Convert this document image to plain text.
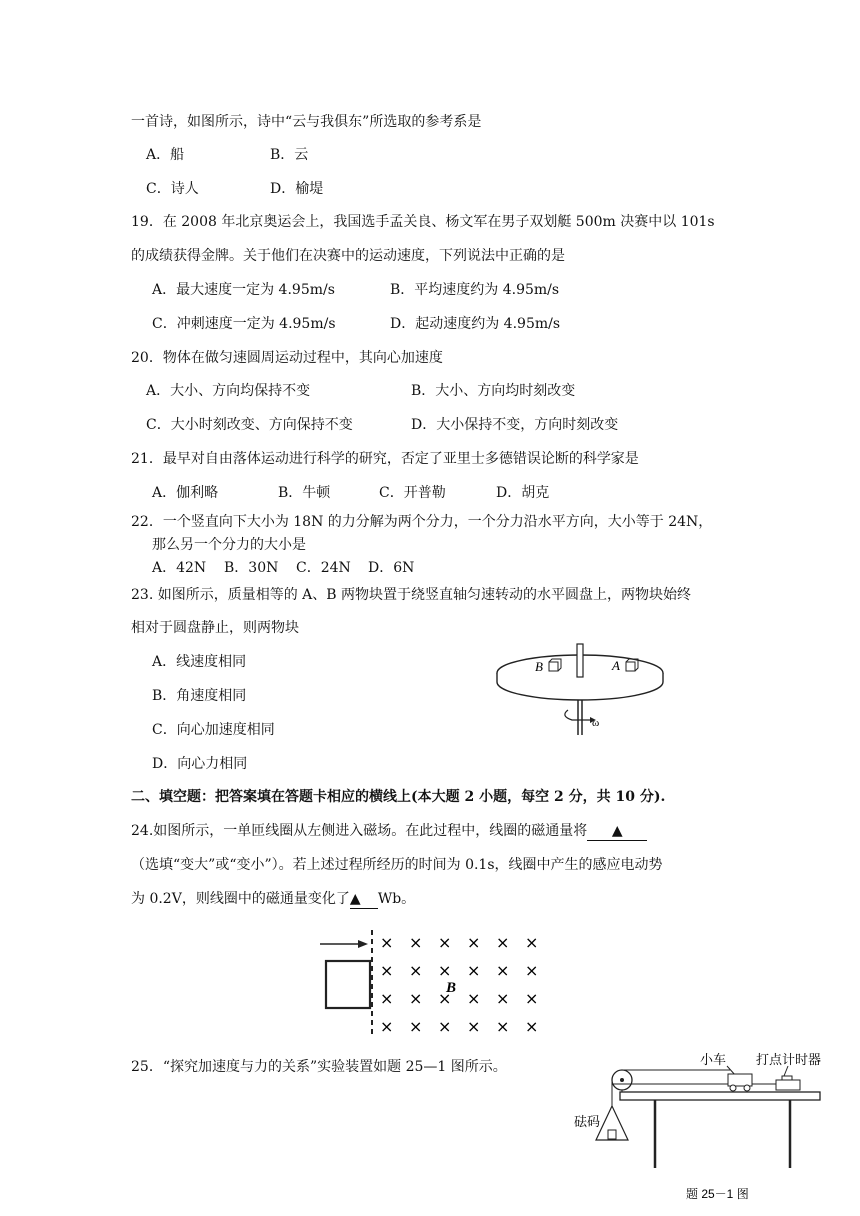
一首诗，如图所示，诗中“云与我俱东”所选取的参考系是
A．船	B．云
C．诗人	D．榆堤
19．在 2008 年北京奥运会上，我国选手孟关良、杨文军在男子双划艇 500m 决赛中以 101s
的成绩获得金牌。关于他们在决赛中的运动速度，下列说法中正确的是
A．最大速度一定为 4.95m/s	B．平均速度约为 4.95m/s
C．冲刺速度一定为 4.95m/s	D．起动速度约为 4.95m/s
20．物体在做匀速圆周运动过程中，其向心加速度
A．大小、方向均保持不变	B．大小、方向均时刻改变
C．大小时刻改变、方向保持不变	D．大小保持不变，方向时刻改变
21．最早对自由落体运动进行科学的研究，否定了亚里士多德错误论断的科学家是
A．伽利略	B．牛顿	C．开普勒	D．胡克
22．一个竖直向下大小为 18N 的力分解为两个分力，一个分力沿水平方向，大小等于 24N，
那么另一个分力的大小是
A．42N B．30N C．24N D．6N
23. 如图所示，质量相等的 A、B 两物块置于绕竖直轴匀速转动的水平圆盘上，两物块始终
相对于圆盘静止，则两物块
A．线速度相同
B．角速度相同
C．向心加速度相同
D．向心力相同
B	A
ω
二、填空题：把答案填在答题卡相应的横线上(本大题 2 小题，每空 2 分，共 10 分).
24.如图所示，一单匝线圈从左侧进入磁场。在此过程中，线圈的磁通量将 ▲
（选填“变大”或“变小”）。若上述过程所经历的时间为 0.1s，线圈中产生的感应电动势
为 0.2V，则线圈中的磁通量变化了▲ Wb。
× × × × × ×
× × × × × ×
× × × × × ×
× × × × × ×
B
25．“探究加速度与力的关系”实验装置如题 25—1 图所示。	小车 打点计时器
砝码
题 25－1 图
